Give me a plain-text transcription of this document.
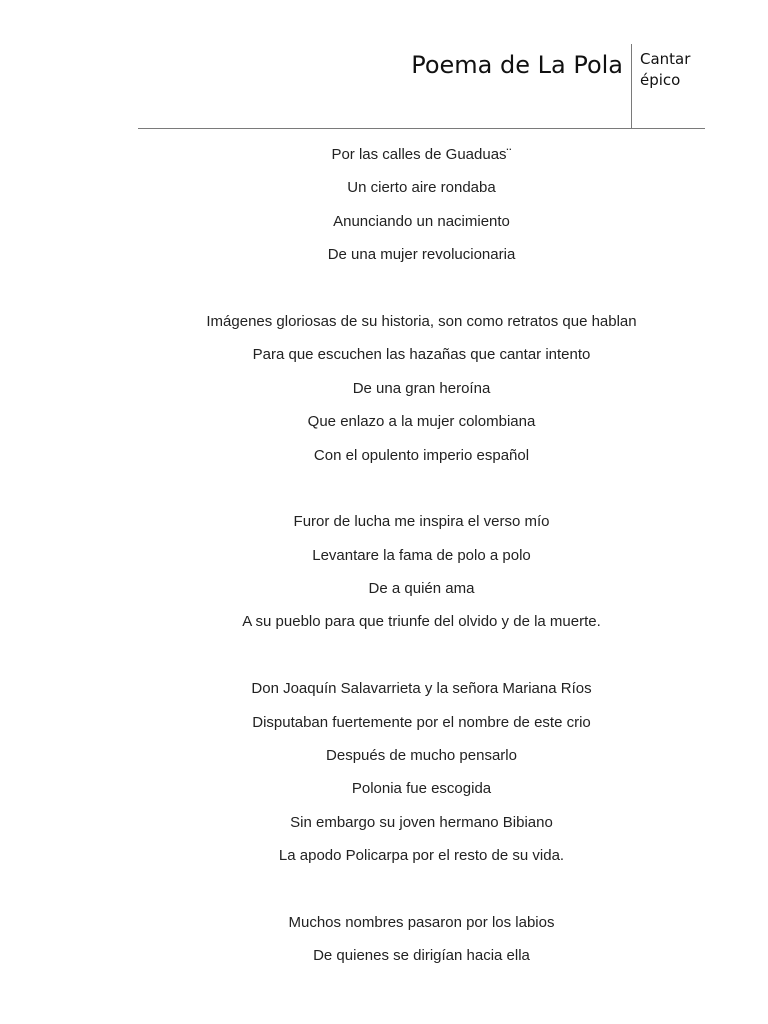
Poema de La Pola Cantar épico
Por las calles de Guaduas¨
Un cierto aire rondaba
Anunciando un nacimiento
De una mujer revolucionaria
Imágenes gloriosas de su historia, son como retratos que hablan
Para que escuchen las hazañas que cantar intento
De una gran heroína
Que enlazo a la mujer colombiana
Con el opulento imperio español
Furor de lucha me inspira el verso mío
Levantare la fama de polo a polo
De a quién ama
A su pueblo para que triunfe del olvido y de la muerte.
Don Joaquín Salavarrieta y la señora Mariana Ríos
Disputaban fuertemente por el nombre de este crio
Después de mucho pensarlo
Polonia fue escogida
Sin embargo su joven hermano Bibiano
La apodo Policarpa por el resto de su vida.
Muchos nombres pasaron por los labios
De quienes se dirigían hacia ella
